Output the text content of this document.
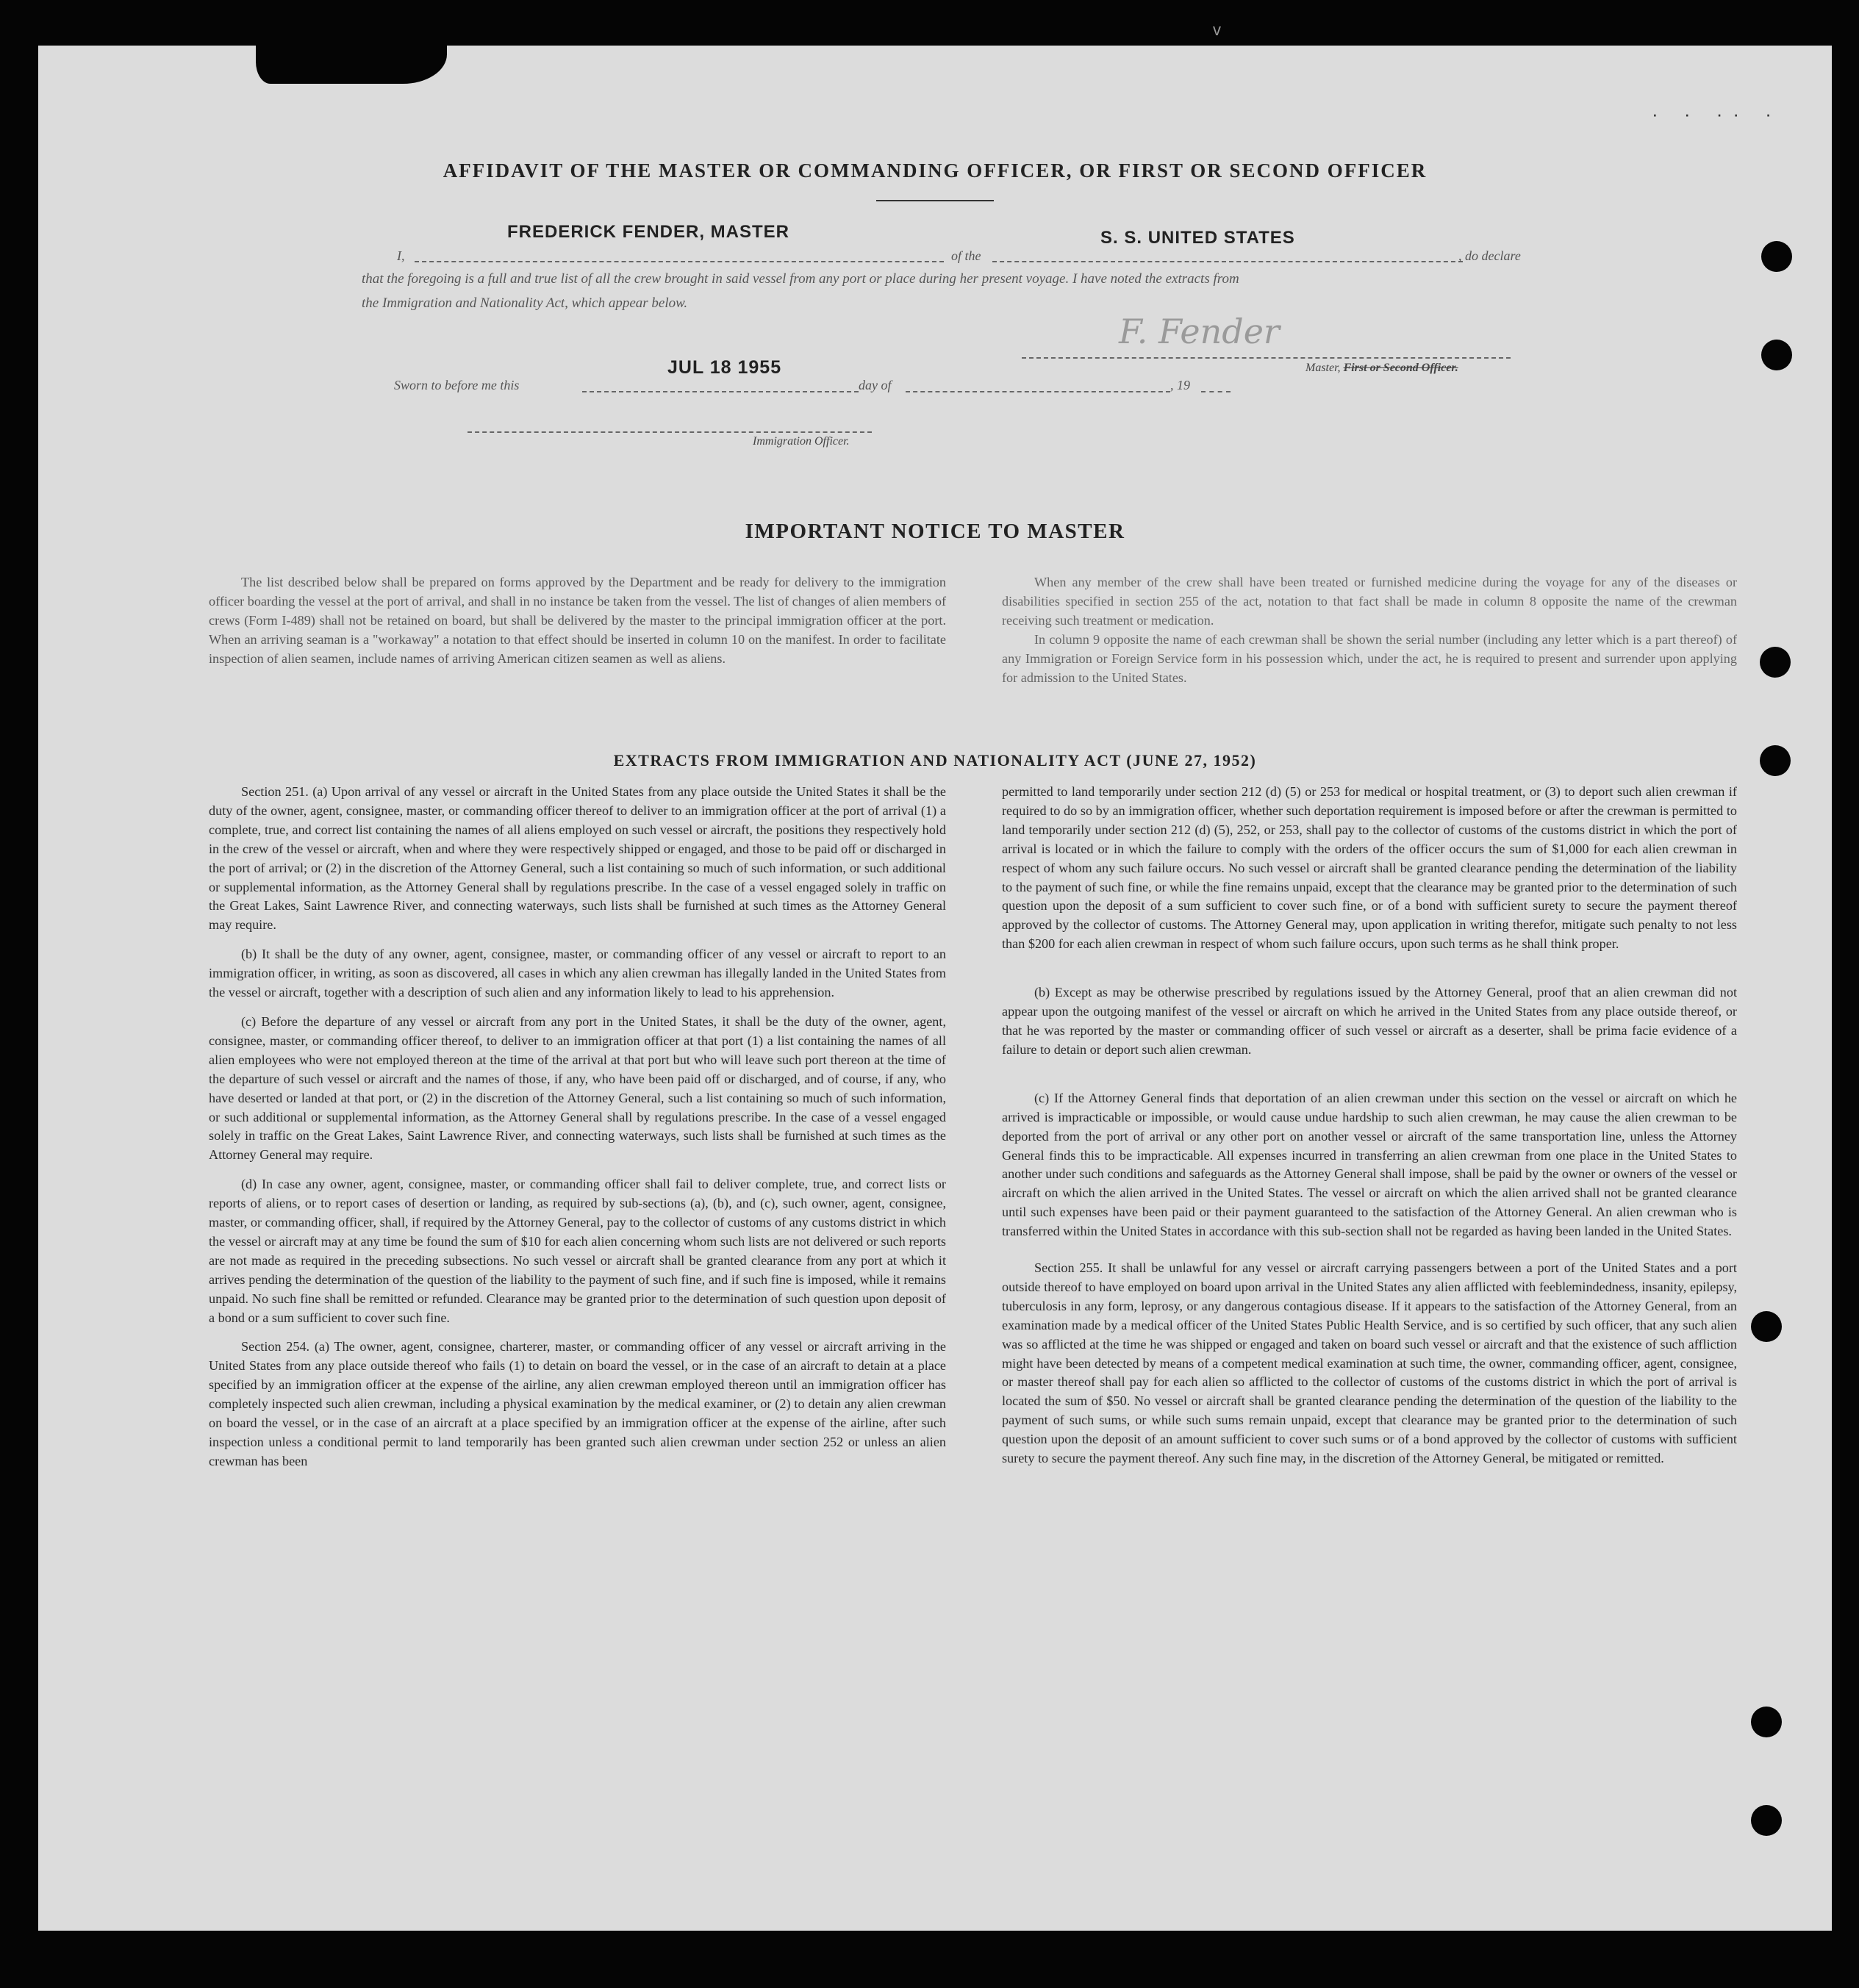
v
· · ·· ·
AFFIDAVIT OF THE MASTER OR COMMANDING OFFICER, OR FIRST OR SECOND OFFICER
I,
FREDERICK FENDER, MASTER
of the
S. S. UNITED STATES
, do declare
that the foregoing is a full and true list of all the crew brought in said vessel from any port or place during her present voyage. I have noted the extracts from
the Immigration and Nationality Act, which appear below.
F. Fender
Master, First or Second Officer.
Sworn to before me this
JUL 18 1955
day of	, 19
Immigration Officer.
IMPORTANT NOTICE TO MASTER

The list described below shall be prepared on forms approved by the Department and be ready for delivery to the immigration officer boarding the vessel at the port of arrival, and shall in no instance be taken from the vessel. The list of changes of alien members of crews (Form I-489) shall not be retained on board, but shall be delivered by the master to the principal immigration officer at the port. When an arriving seaman is a "workaway" a notation to that effect should be inserted in column 10 on the manifest. In order to facilitate inspection of alien seamen, include names of arriving American citizen seamen as well as aliens.

When any member of the crew shall have been treated or furnished medicine during the voyage for any of the diseases or disabilities specified in section 255 of the act, notation to that fact shall be made in column 8 opposite the name of the crewman receiving such treatment or medication.

In column 9 opposite the name of each crewman shall be shown the serial number (including any letter which is a part thereof) of any Immigration or Foreign Service form in his possession which, under the act, he is required to present and surrender upon applying for admission to the United States.

EXTRACTS FROM IMMIGRATION AND NATIONALITY ACT (JUNE 27, 1952)

Section 251. (a) Upon arrival of any vessel or aircraft in the United States from any place outside the United States it shall be the duty of the owner, agent, consignee, master, or commanding officer thereof to deliver to an immigration officer at the port of arrival (1) a complete, true, and correct list containing the names of all aliens employed on such vessel or aircraft, the positions they respectively hold in the crew of the vessel or aircraft, when and where they were respectively shipped or engaged, and those to be paid off or discharged in the port of arrival; or (2) in the discretion of the Attorney General, such a list containing so much of such information, or such additional or supplemental information, as the Attorney General shall by regulations prescribe. In the case of a vessel engaged solely in traffic on the Great Lakes, Saint Lawrence River, and connecting waterways, such lists shall be furnished at such times as the Attorney General may require.

(b) It shall be the duty of any owner, agent, consignee, master, or commanding officer of any vessel or aircraft to report to an immigration officer, in writing, as soon as discovered, all cases in which any alien crewman has illegally landed in the United States from the vessel or aircraft, together with a description of such alien and any information likely to lead to his apprehension.

(c) Before the departure of any vessel or aircraft from any port in the United States, it shall be the duty of the owner, agent, consignee, master, or commanding officer thereof, to deliver to an immigration officer at that port (1) a list containing the names of all alien employees who were not employed thereon at the time of the arrival at that port but who will leave such port thereon at the time of the departure of such vessel or aircraft and the names of those, if any, who have been paid off or discharged, and of course, if any, who have deserted or landed at that port, or (2) in the discretion of the Attorney General, such a list containing so much of such information, or such additional or supplemental information, as the Attorney General shall by regulations prescribe. In the case of a vessel engaged solely in traffic on the Great Lakes, Saint Lawrence River, and connecting waterways, such lists shall be furnished at such times as the Attorney General may require.

(d) In case any owner, agent, consignee, master, or commanding officer shall fail to deliver complete, true, and correct lists or reports of aliens, or to report cases of desertion or landing, as required by sub-sections (a), (b), and (c), such owner, agent, consignee, master, or commanding officer, shall, if required by the Attorney General, pay to the collector of customs of any customs district in which the vessel or aircraft may at any time be found the sum of $10 for each alien concerning whom such lists are not delivered or such reports are not made as required in the preceding subsections. No such vessel or aircraft shall be granted clearance from any port at which it arrives pending the determination of the question of the liability to the payment of such fine, and if such fine is imposed, while it remains unpaid. No such fine shall be remitted or refunded. Clearance may be granted prior to the determination of such question upon deposit of a bond or a sum sufficient to cover such fine.

Section 254. (a) The owner, agent, consignee, charterer, master, or commanding officer of any vessel or aircraft arriving in the United States from any place outside thereof who fails (1) to detain on board the vessel, or in the case of an aircraft to detain at a place specified by an immigration officer at the expense of the airline, any alien crewman employed thereon until an immigration officer has completely inspected such alien crewman, including a physical examination by the medical examiner, or (2) to detain any alien crewman on board the vessel, or in the case of an aircraft at a place specified by an immigration officer at the expense of the airline, after such inspection unless a conditional permit to land temporarily has been granted such alien crewman under section 252 or unless an alien crewman has been

permitted to land temporarily under section 212 (d) (5) or 253 for medical or hospital treatment, or (3) to deport such alien crewman if required to do so by an immigration officer, whether such deportation requirement is imposed before or after the crewman is permitted to land temporarily under section 212 (d) (5), 252, or 253, shall pay to the collector of customs of the customs district in which the port of arrival is located or in which the failure to comply with the orders of the officer occurs the sum of $1,000 for each alien crewman in respect of whom any such failure occurs. No such vessel or aircraft shall be granted clearance pending the determination of the liability to the payment of such fine, or while the fine remains unpaid, except that the clearance may be granted prior to the determination of such question upon the deposit of a sum sufficient to cover such fine, or of a bond with sufficient surety to secure the payment thereof approved by the collector of customs. The Attorney General may, upon application in writing therefor, mitigate such penalty to not less than $200 for each alien crewman in respect of whom such failure occurs, upon such terms as he shall think proper.

(b) Except as may be otherwise prescribed by regulations issued by the Attorney General, proof that an alien crewman did not appear upon the outgoing manifest of the vessel or aircraft on which he arrived in the United States from any place outside thereof, or that he was reported by the master or commanding officer of such vessel or aircraft as a deserter, shall be prima facie evidence of a failure to detain or deport such alien crewman.

(c) If the Attorney General finds that deportation of an alien crewman under this section on the vessel or aircraft on which he arrived is impracticable or impossible, or would cause undue hardship to such alien crewman, he may cause the alien crewman to be deported from the port of arrival or any other port on another vessel or aircraft of the same transportation line, unless the Attorney General finds this to be impracticable. All expenses incurred in transferring an alien crewman from one place in the United States to another under such conditions and safeguards as the Attorney General shall impose, shall be paid by the owner or owners of the vessel or aircraft on which the alien arrived in the United States. The vessel or aircraft on which the alien arrived shall not be granted clearance until such expenses have been paid or their payment guaranteed to the satisfaction of the Attorney General. An alien crewman who is transferred within the United States in accordance with this sub-section shall not be regarded as having been landed in the United States.

Section 255. It shall be unlawful for any vessel or aircraft carrying passengers between a port of the United States and a port outside thereof to have employed on board upon arrival in the United States any alien afflicted with feeblemindedness, insanity, epilepsy, tuberculosis in any form, leprosy, or any dangerous contagious disease. If it appears to the satisfaction of the Attorney General, from an examination made by a medical officer of the United States Public Health Service, and is so certified by such officer, that any such alien was so afflicted at the time he was shipped or engaged and taken on board such vessel or aircraft and that the existence of such affliction might have been detected by means of a competent medical examination at such time, the owner, commanding officer, agent, consignee, or master thereof shall pay for each alien so afflicted to the collector of customs of the customs district in which the port of arrival is located the sum of $50. No vessel or aircraft shall be granted clearance pending the determination of the question of the liability to the payment of such sums, or while such sums remain unpaid, except that clearance may be granted prior to the determination of such question upon the deposit of an amount sufficient to cover such sums or of a bond approved by the collector of customs with sufficient surety to secure the payment thereof. Any such fine may, in the discretion of the Attorney General, be mitigated or remitted.
